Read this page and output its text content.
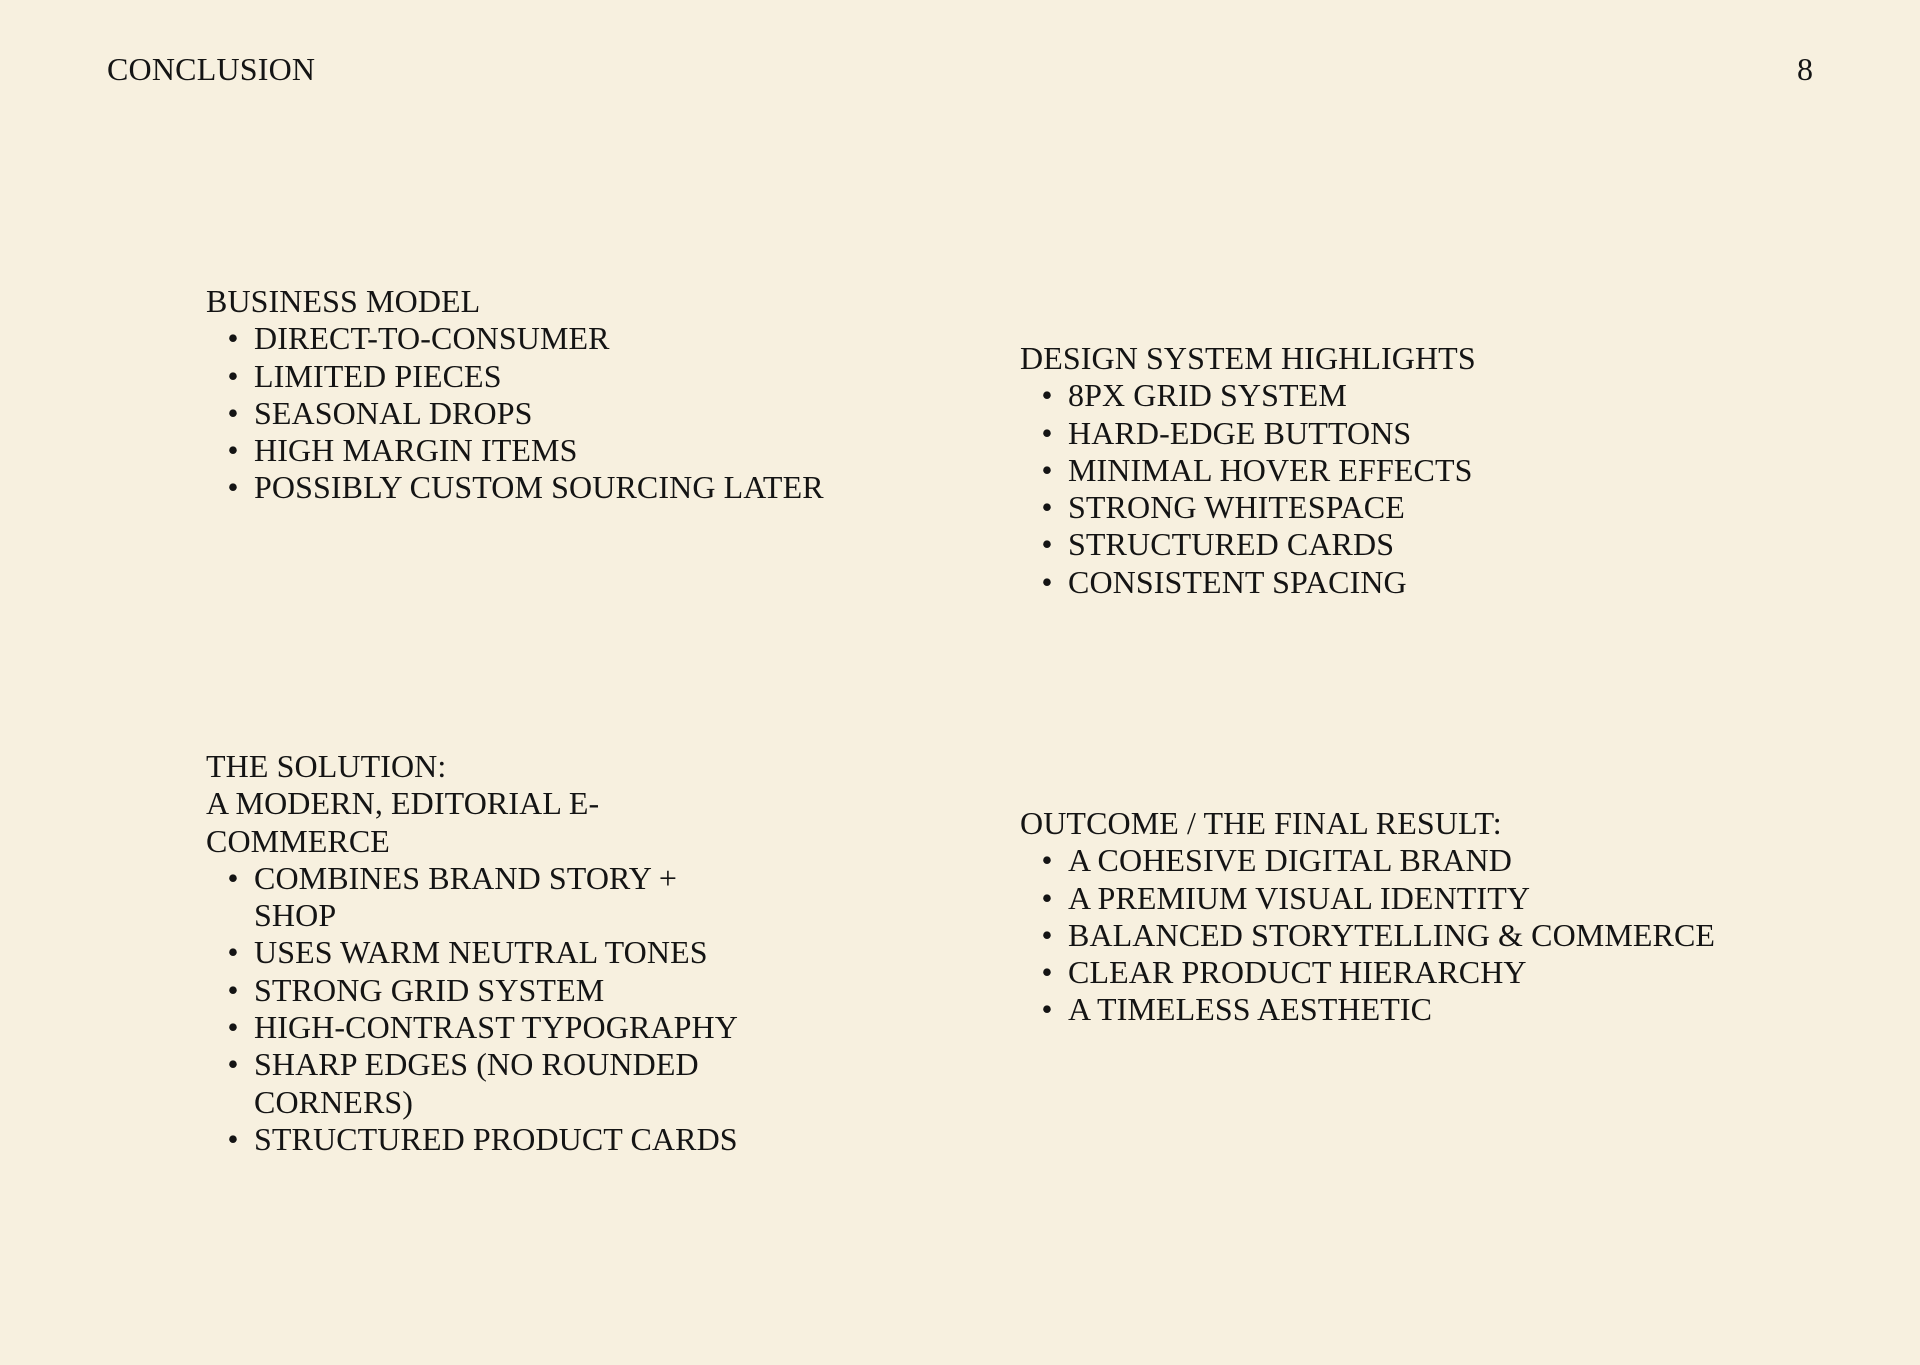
CONCLUSION	8
BUSINESS MODEL
• DIRECT-TO-CONSUMER
• LIMITED PIECES
• SEASONAL DROPS
• HIGH MARGIN ITEMS
• POSSIBLY CUSTOM SOURCING LATER
DESIGN SYSTEM HIGHLIGHTS
• 8PX GRID SYSTEM
• HARD-EDGE BUTTONS
• MINIMAL HOVER EFFECTS
• STRONG WHITESPACE
• STRUCTURED CARDS
• CONSISTENT SPACING
THE SOLUTION:

A MODERN, EDITORIAL E-COMMERCE

• COMBINES BRAND STORY + SHOP
• USES WARM NEUTRAL TONES
• STRONG GRID SYSTEM
• HIGH-CONTRAST TYPOGRAPHY
• SHARP EDGES (NO ROUNDED CORNERS)
• STRUCTURED PRODUCT CARDS
OUTCOME / THE FINAL RESULT:
• A COHESIVE DIGITAL BRAND
• A PREMIUM VISUAL IDENTITY
• BALANCED STORYTELLING & COMMERCE
• CLEAR PRODUCT HIERARCHY
• A TIMELESS AESTHETIC
